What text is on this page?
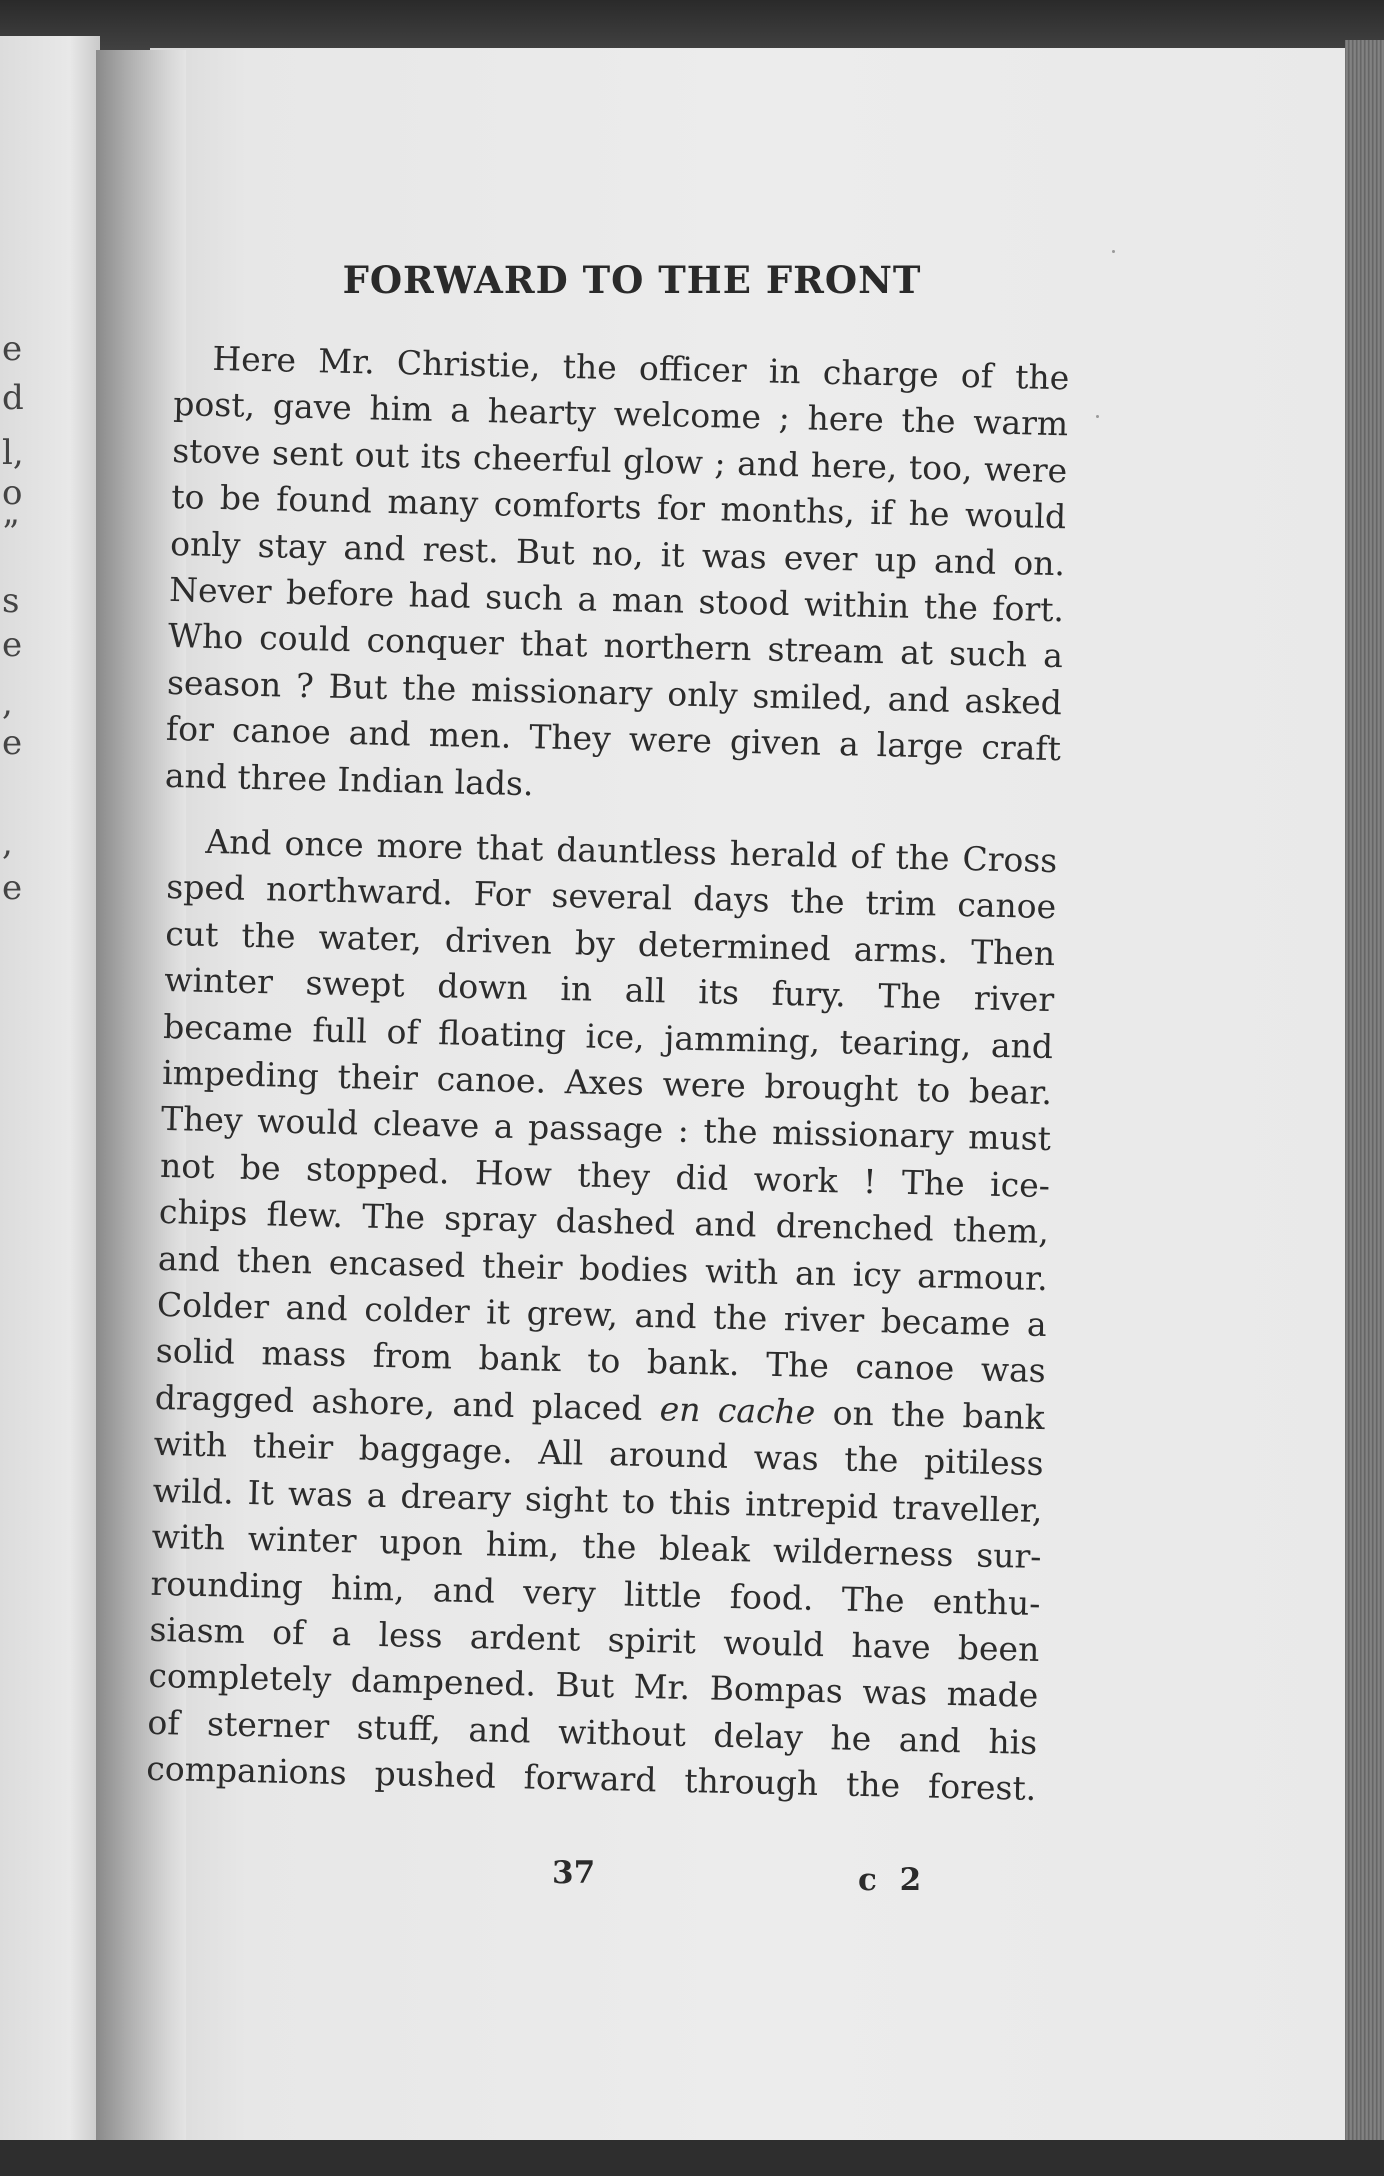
e
d
l,
o
”
s
e
,
e
,
e
FORWARD TO THE FRONT
Here Mr. Christie, the officer in charge of the
post, gave him a hearty welcome ; here the warm
stove sent out its cheerful glow ; and here, too, were
to be found many comforts for months, if he would
only stay and rest. But no, it was ever up and on.
Never before had such a man stood within the fort.
Who could conquer that northern stream at such a
season ? But the missionary only smiled, and asked
for canoe and men. They were given a large craft
and three Indian lads.
And once more that dauntless herald of the Cross
sped northward. For several days the trim canoe
cut the water, driven by determined arms. Then
winter swept down in all its fury. The river
became full of floating ice, jamming, tearing, and
impeding their canoe. Axes were brought to bear.
They would cleave a passage : the missionary must
not be stopped. How they did work ! The ice-
chips flew. The spray dashed and drenched them,
and then encased their bodies with an icy armour.
Colder and colder it grew, and the river became a
solid mass from bank to bank. The canoe was
dragged ashore, and placed en cache on the bank
with their baggage. All around was the pitiless
wild. It was a dreary sight to this intrepid traveller,
with winter upon him, the bleak wilderness sur-
rounding him, and very little food. The enthu-
siasm of a less ardent spirit would have been
completely dampened. But Mr. Bompas was made
of sterner stuff, and without delay he and his
companions pushed forward through the forest.
37	c 2
